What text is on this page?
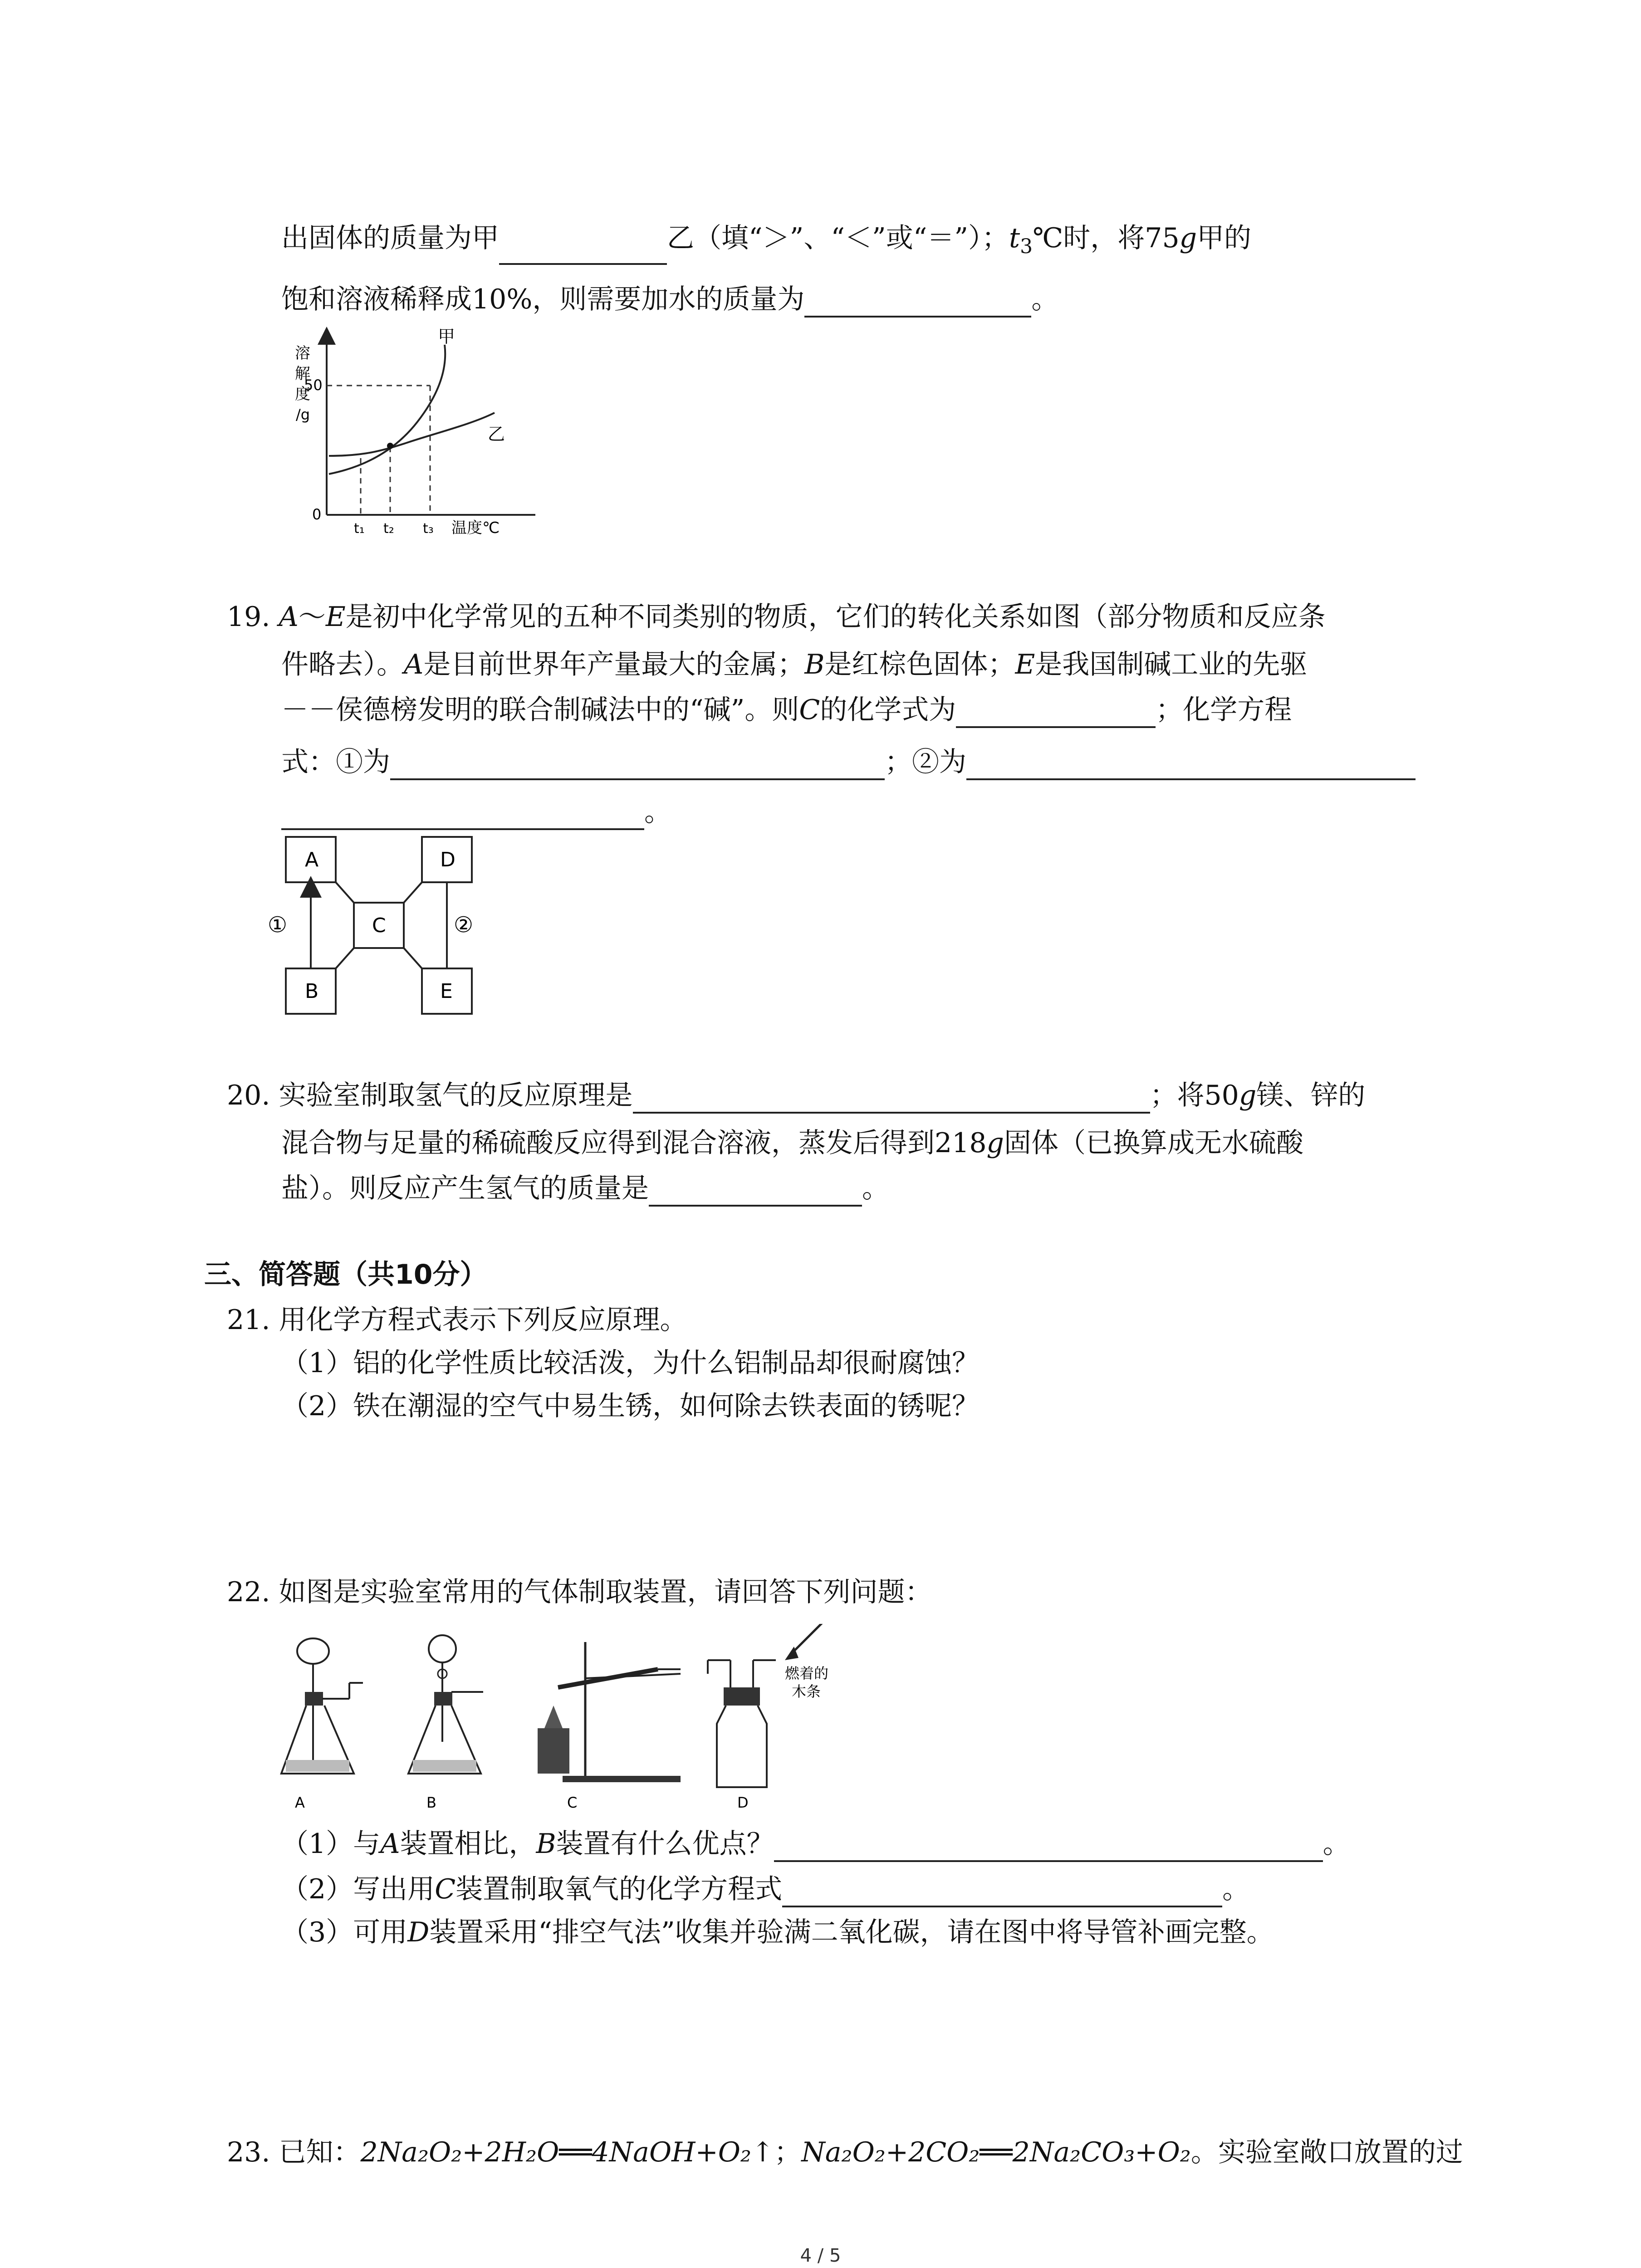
出固体的质量为甲	乙（填“＞”、“＜”或“＝”）；$t_3℃$时，将75g甲的
饱和溶液稀释成10%，则需要加水的质量为	。
溶
解
度
/g
50
0
甲
乙
t₁ t₂ t₃ 温度℃
19. A～E是初中化学常见的五种不同类别的物质，它们的转化关系如图（部分物质和反应条
件略去）。A是目前世界年产量最大的金属；B是红棕色固体；E是我国制碱工业的先驱
－－侯德榜发明的联合制碱法中的“碱”。则C的化学式为	；化学方程
式：①为	；②为
。
A	D
C
B	E
①	②
20. 实验室制取氢气的反应原理是	；将50g镁、锌的
混合物与足量的稀硫酸反应得到混合溶液，蒸发后得到218g固体（已换算成无水硫酸
盐）。则反应产生氢气的质量是	。
三、简答题（共10分）
21. 用化学方程式表示下列反应原理。
（1）铝的化学性质比较活泼，为什么铝制品却很耐腐蚀？
（2）铁在潮湿的空气中易生锈，如何除去铁表面的锈呢？
22. 如图是实验室常用的气体制取装置，请回答下列问题：
A	B	C
燃着的
木条
D
（1）与A装置相比，B装置有什么优点？	。
（2）写出用C装置制取氧气的化学方程式	。
（3）可用D装置采用“排空气法”收集并验满二氧化碳，请在图中将导管补画完整。
23. 已知：2Na₂O₂+2H₂O══4NaOH+O₂↑；Na₂O₂+2CO₂══2Na₂CO₃+O₂。实验室敞口放置的过
4 / 5
